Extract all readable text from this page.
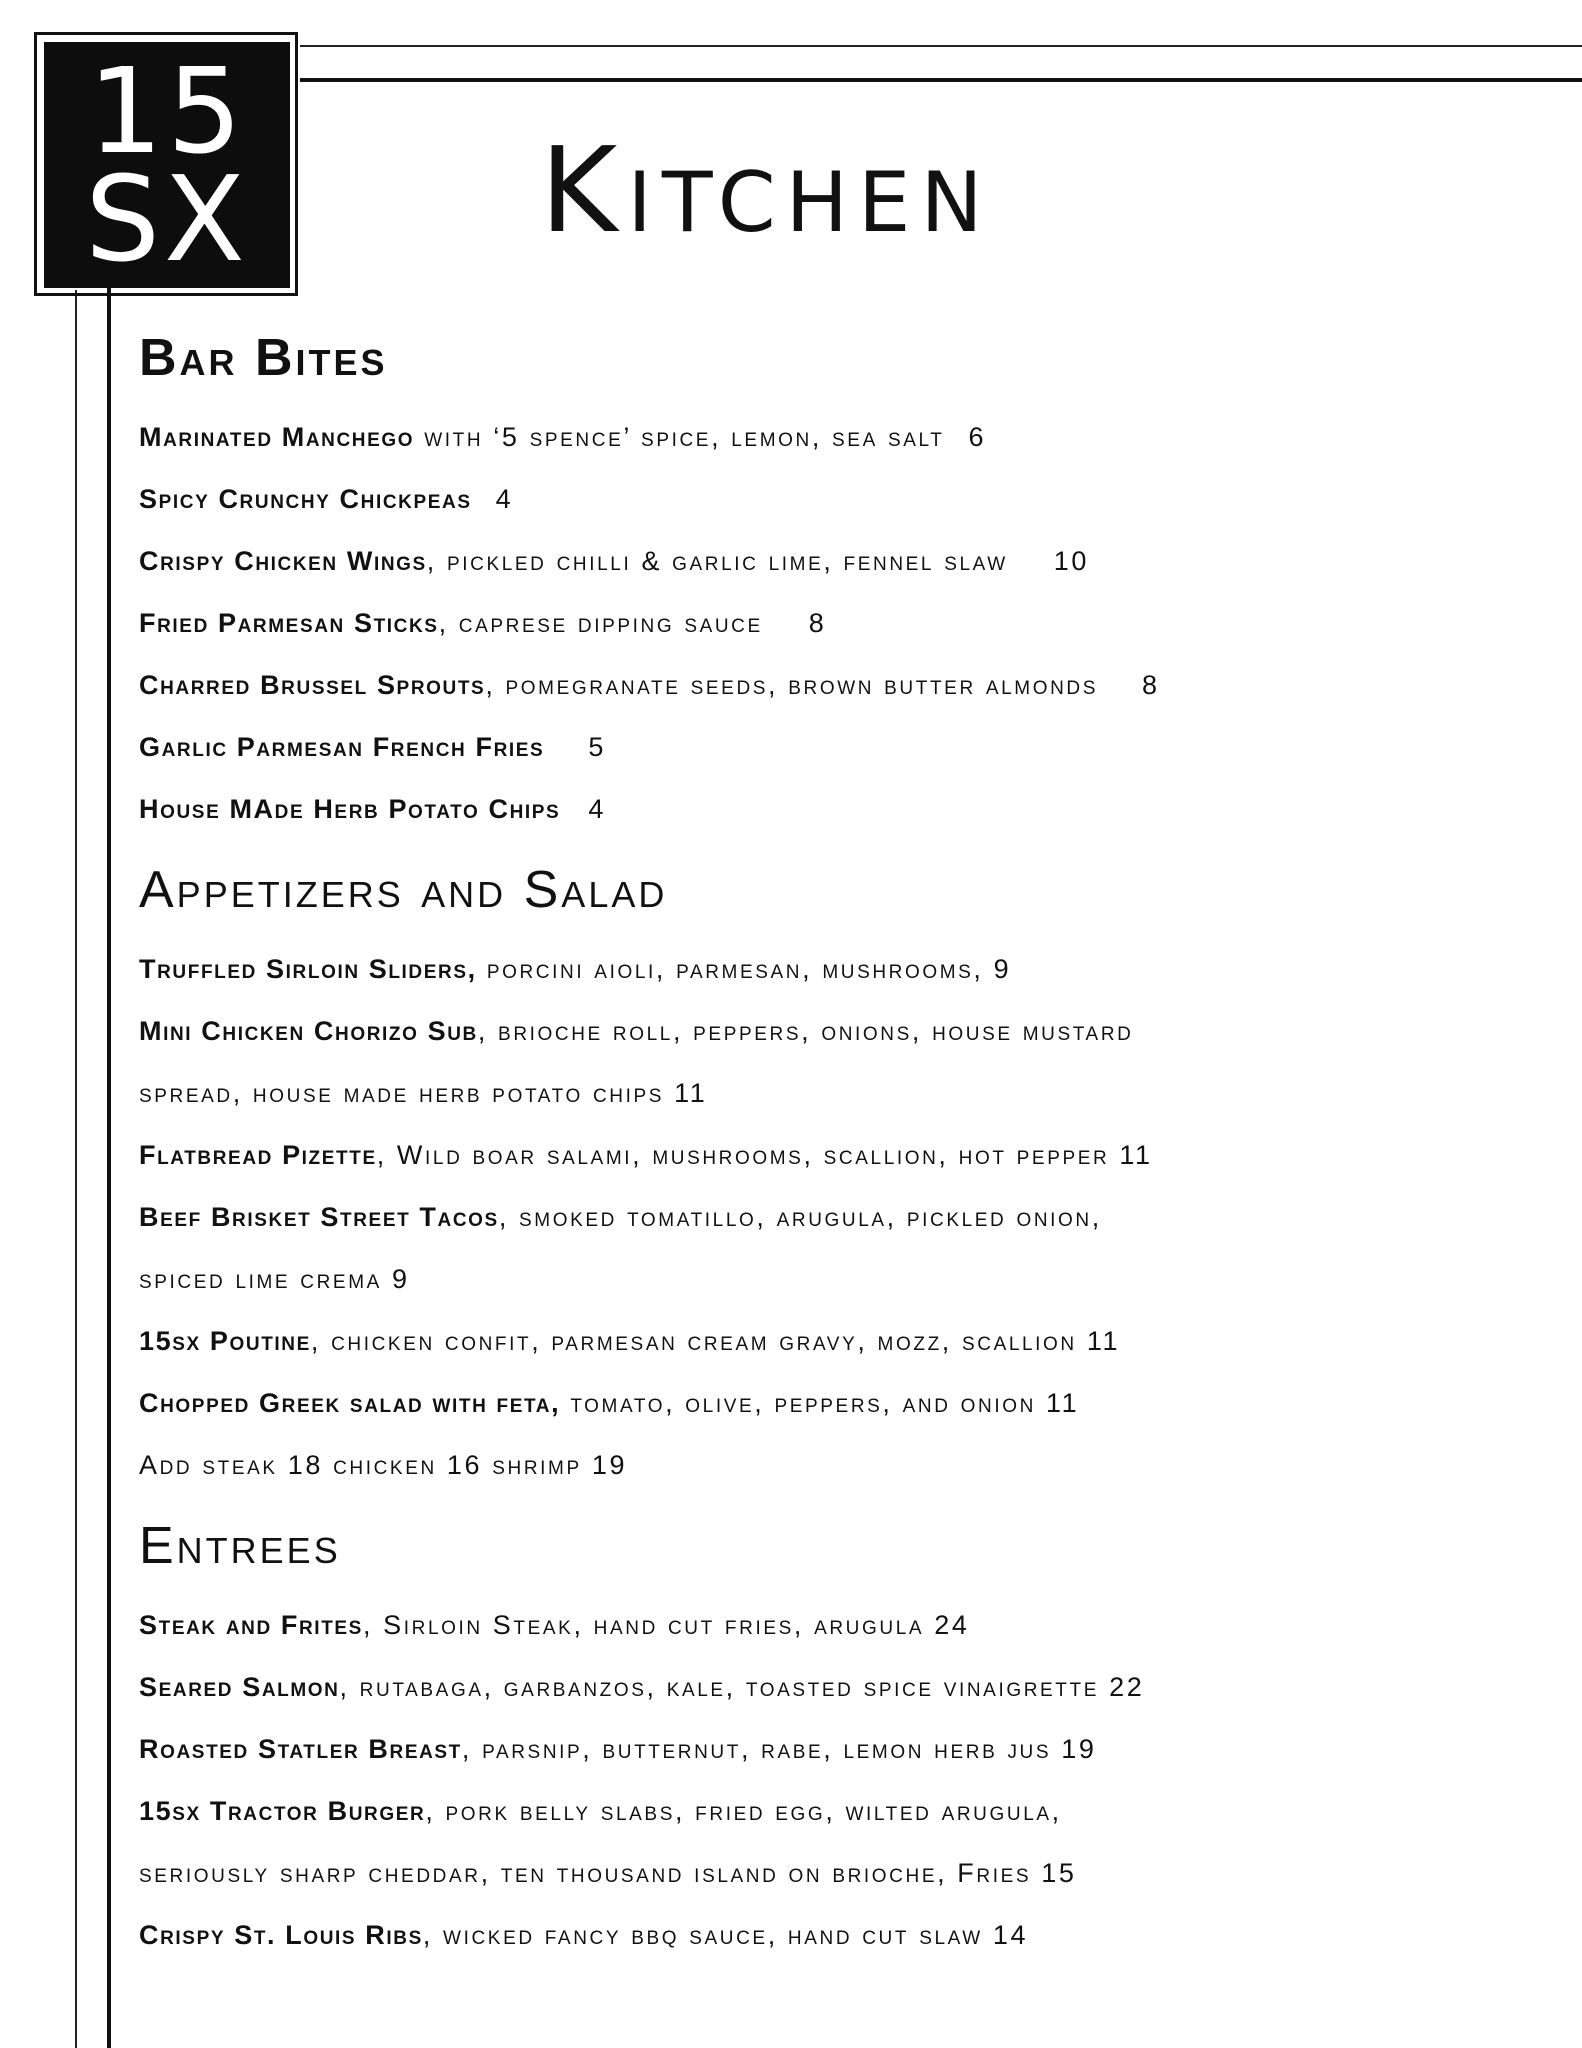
15
SX Kitchen
Bar Bites
Marinated Manchego with ‘5 spence’ spice, lemon, sea salt 6
Spicy Crunchy Chickpeas 4
Crispy Chicken Wings, pickled chilli & garlic lime, fennel slaw 10
Fried Parmesan Sticks, caprese dipping sauce 8
Charred Brussel Sprouts, pomegranate seeds, brown butter almonds 8
Garlic Parmesan French Fries 5
House MAde Herb Potato Chips 4
Appetizers and Salad
Truffled Sirloin Sliders, porcini aioli, parmesan, mushrooms, 9
Mini Chicken Chorizo Sub, brioche roll, peppers, onions, house mustard
spread, house made herb potato chips 11
Flatbread Pizette, Wild boar salami, mushrooms, scallion, hot pepper 11
Beef Brisket Street Tacos, smoked tomatillo, arugula, pickled onion,
spiced lime crema 9
15sx Poutine, chicken confit, parmesan cream gravy, mozz, scallion 11
Chopped Greek salad with feta, tomato, olive, peppers, and onion 11
Add steak 18 chicken 16 shrimp 19
Entrees
Steak and Frites, Sirloin Steak, hand cut fries, arugula 24
Seared Salmon, rutabaga, garbanzos, kale, toasted spice vinaigrette 22
Roasted Statler Breast, parsnip, butternut, rabe, lemon herb jus 19
15sx Tractor Burger, pork belly slabs, fried egg, wilted arugula,
seriously sharp cheddar, ten thousand island on brioche, Fries 15
Crispy St. Louis Ribs, wicked fancy bbq sauce, hand cut slaw 14
